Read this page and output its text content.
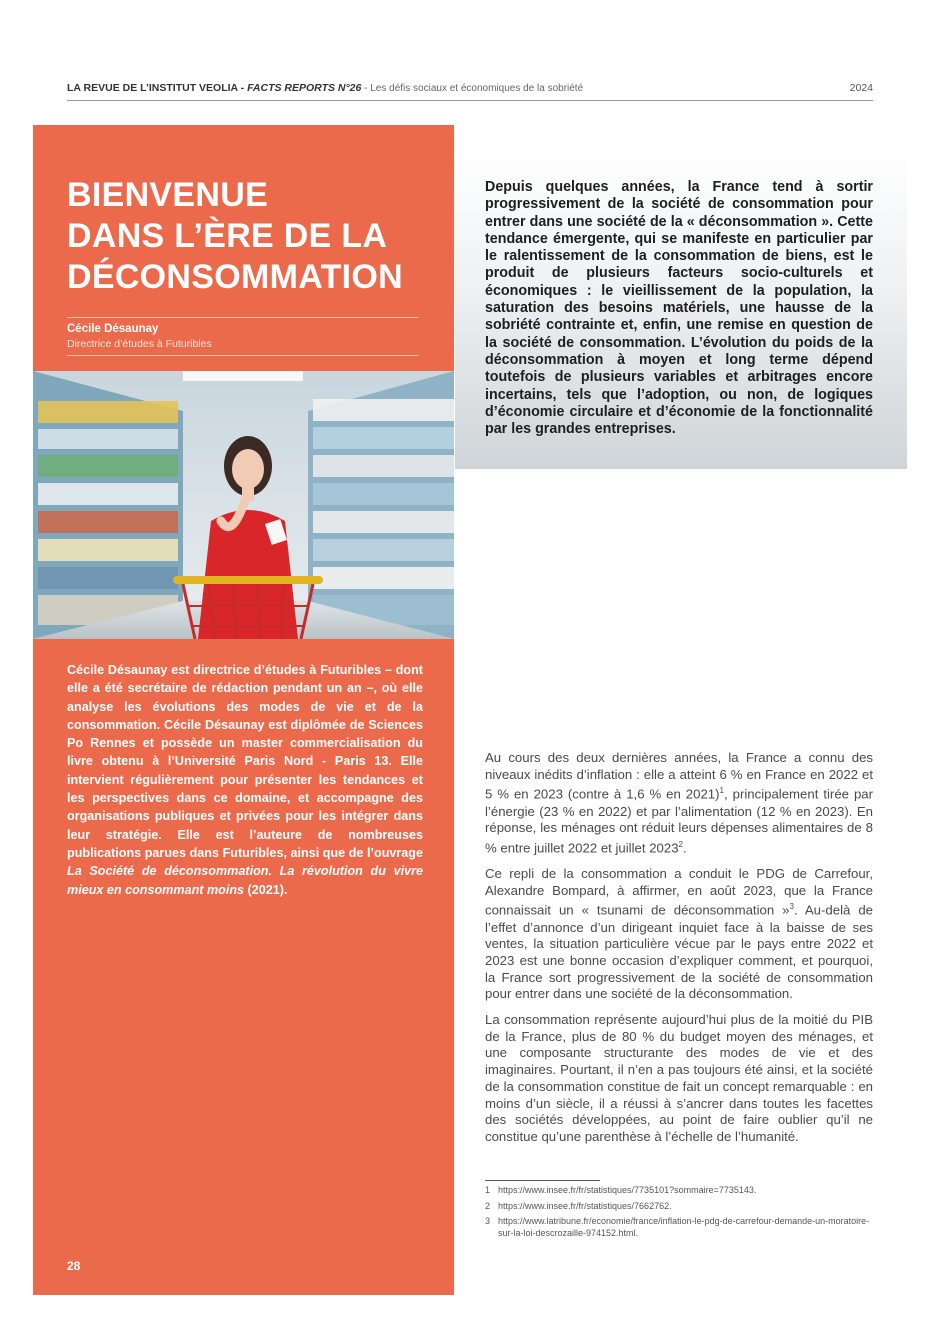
LA REVUE DE L’INSTITUT VEOLIA - FACTS REPORTS N°26 - Les défis sociaux et économiques de la sobriété	2024
BIENVENUE
DANS L’ÈRE DE LA
DÉCONSOMMATION
Cécile Désaunay
Directrice d’études à Futuribles

Cécile Désaunay est directrice d’études à Futuribles – dont elle a été secrétaire de rédaction pendant un an –, où elle analyse les évolutions des modes de vie et de la consommation. Cécile Désaunay est diplômée de Sciences Po Rennes et possède un master commercialisation du livre obtenu à l’Université Paris Nord - Paris 13. Elle intervient régulièrement pour présenter les tendances et les perspectives dans ce domaine, et accompagne des organisations publiques et privées pour les intégrer dans leur stratégie. Elle est l’auteure de nombreuses publications parues dans Futuribles, ainsi que de l’ouvrage La Société de déconsommation. La révolution du vivre mieux en consommant moins (2021).

28

Depuis quelques années, la France tend à sortir progressivement de la société de consommation pour entrer dans une société de la « déconsommation ». Cette tendance émergente, qui se manifeste en particulier par le ralentissement de la consommation de biens, est le produit de plusieurs facteurs socio-culturels et économiques : le vieillissement de la population, la saturation des besoins matériels, une hausse de la sobriété contrainte et, enfin, une remise en question de la société de consommation. L’évolution du poids de la déconsommation à moyen et long terme dépend toutefois de plusieurs variables et arbitrages encore incertains, tels que l’adoption, ou non, de logiques d’économie circulaire et d’économie de la fonctionnalité par les grandes entreprises.

Au cours des deux dernières années, la France a connu des niveaux inédits d’inflation : elle a atteint 6 % en France en 2022 et 5 % en 2023 (contre à 1,6 % en 2021)$^1$, principalement tirée par l’énergie (23 % en 2022) et par l’alimentation (12 % en 2023). En réponse, les ménages ont réduit leurs dépenses alimentaires de 8 % entre juillet 2022 et juillet 2023$^2$.

Ce repli de la consommation a conduit le PDG de Carrefour, Alexandre Bompard, à affirmer, en août 2023, que la France connaissait un « tsunami de déconsommation »$^3$. Au-delà de l’effet d’annonce d’un dirigeant inquiet face à la baisse de ses ventes, la situation particulière vécue par le pays entre 2022 et 2023 est une bonne occasion d’expliquer comment, et pourquoi, la France sort progressivement de la société de consommation pour entrer dans une société de la déconsommation.

La consommation représente aujourd’hui plus de la moitié du PIB de la France, plus de 80 % du budget moyen des ménages, et une composante structurante des modes de vie et des imaginaires. Pourtant, il n’en a pas toujours été ainsi, et la société de la consommation constitue de fait un concept remarquable : en moins d’un siècle, il a réussi à s’ancrer dans toutes les facettes des sociétés développées, au point de faire oublier qu’il ne constitue qu’une parenthèse à l’échelle de l’humanité.

1 https://www.insee.fr/fr/statistiques/7735101?sommaire=7735143.
2 https://www.insee.fr/fr/statistiques/7662762.
3 https://www.latribune.fr/economie/france/inflation-le-pdg-de-carrefour-demande-un-moratoire-sur-la-loi-descrozaille-974152.html.
